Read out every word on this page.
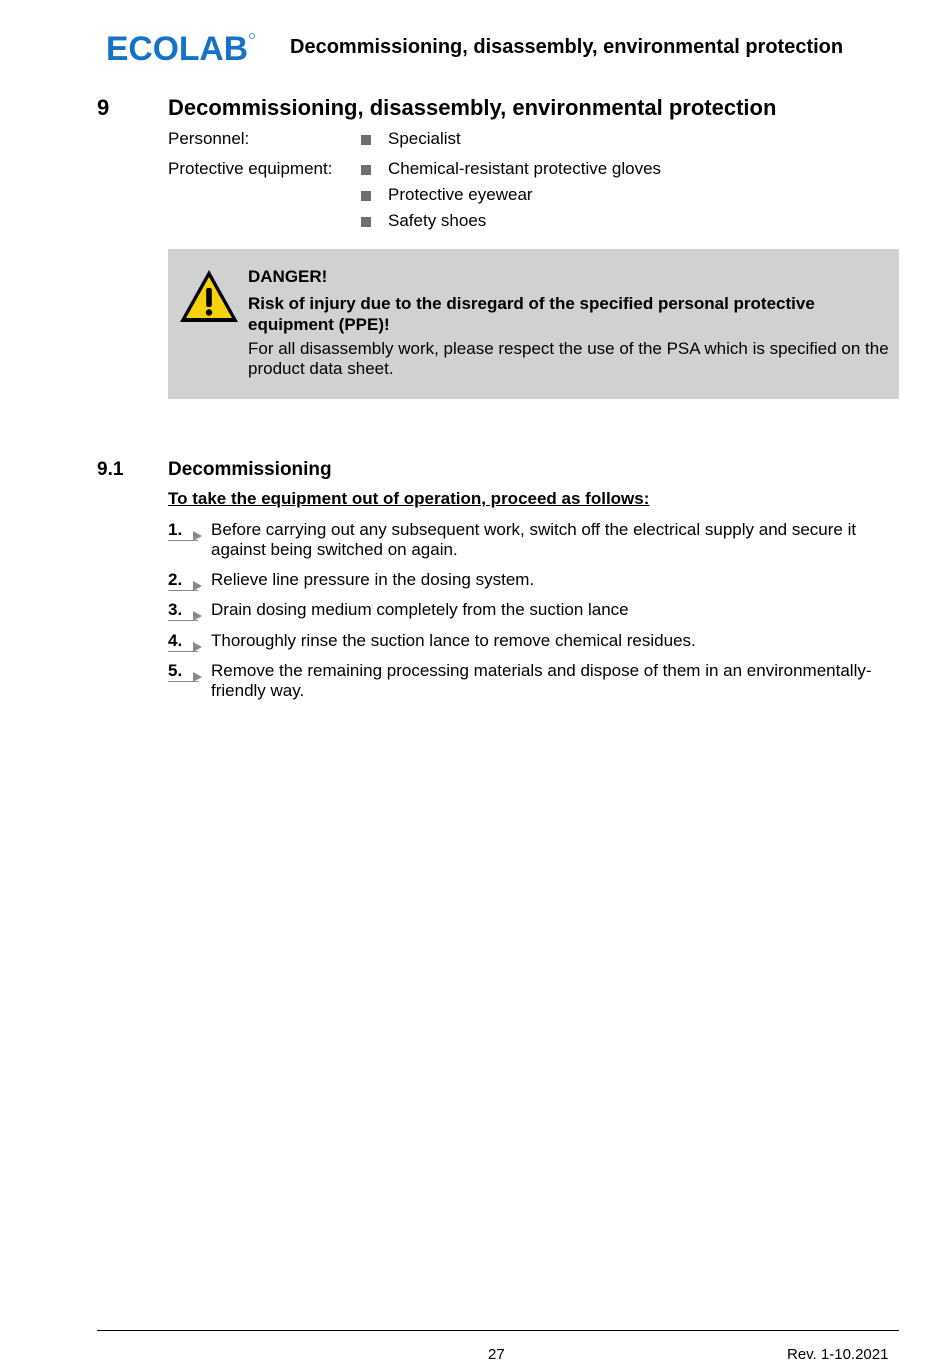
ECOLAB Decommissioning, disassembly, environmental protection
9	Decommissioning, disassembly, environmental protection
Personnel:	Specialist
Protective equipment:	Chemical-resistant protective gloves
Protective eyewear
Safety shoes
DANGER!
Risk of injury due to the disregard of the specified personal protective equipment (PPE)!
For all disassembly work, please respect the use of the PSA which is specified on the product data sheet.
9.1 Decommissioning
To take the equipment out of operation, proceed as follows:
1.	Before carrying out any subsequent work, switch off the electrical supply and secure it against being switched on again.
2.	Relieve line pressure in the dosing system.
3.	Drain dosing medium completely from the suction lance
4.	Thoroughly rinse the suction lance to remove chemical residues.
5.	Remove the remaining processing materials and dispose of them in an environmentally-friendly way.
27	Rev. 1-10.2021
